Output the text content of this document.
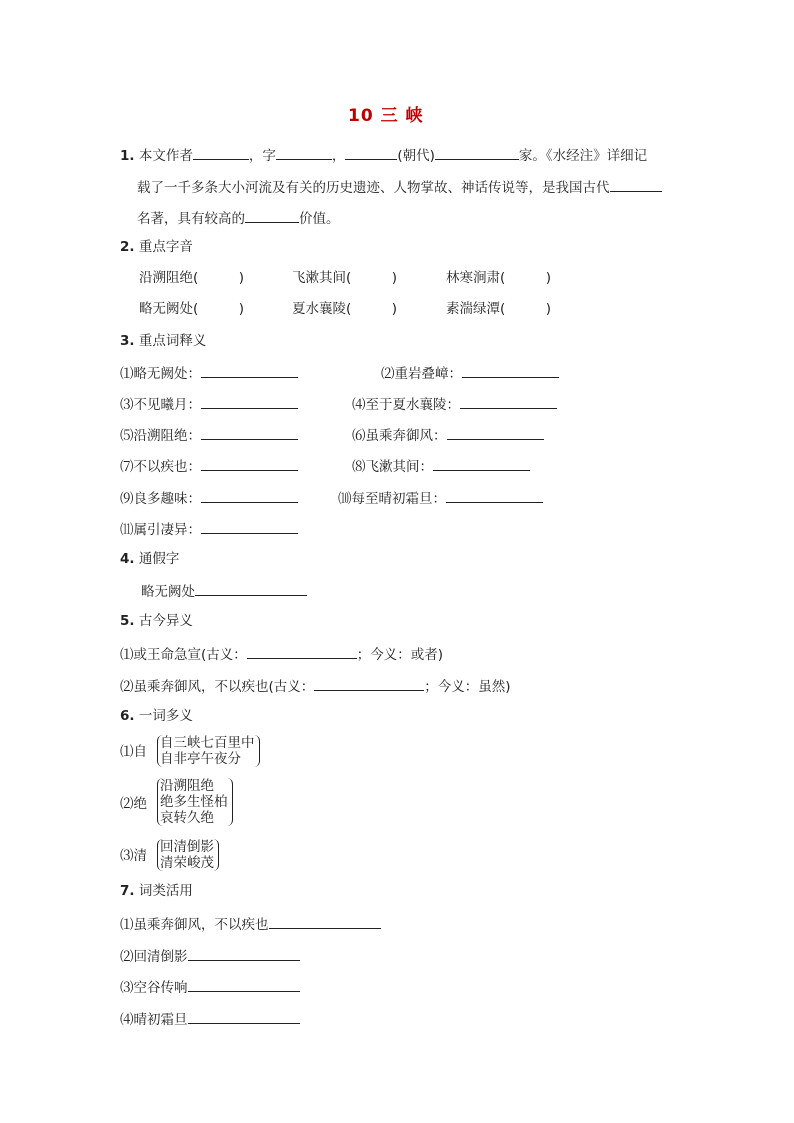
10 三 峡
1. 本文作者	，字	，	(朝代)	家。《水经注》详细记
载了一千多条大小河流及有关的历史遗迹、人物掌故、神话传说等，是我国古代
名著，具有较高的	价值。
2. 重点字音
沿溯阻绝(　　　)	飞漱其间(　　　)	林寒涧肃(　　　)
略无阙处(　　　)	夏水襄陵(　　　)	素湍绿潭(　　　)
3. 重点词释义
⑴略无阙处：	⑵重岩叠嶂：
⑶不见曦月：	⑷至于夏水襄陵：
⑸沿溯阻绝：	⑹虽乘奔御风：
⑺不以疾也：	⑻飞漱其间：
⑼良多趣味：	⑽每至晴初霜旦：
⑾属引凄异：
4. 通假字
略无阙处
5. 古今异义
⑴或王命急宣(古义：	；今义：或者)
⑵虽乘奔御风，不以疾也(古义：	；今义：虽然)
6. 一词多义
⑴自
自三峡七百里中
自非亭午夜分
⑵绝
沿溯阻绝
绝多生怪柏
哀转久绝
⑶清
回清倒影
清荣峻茂
7. 词类活用
⑴虽乘奔御风，不以疾也
⑵回清倒影
⑶空谷传响
⑷晴初霜旦
